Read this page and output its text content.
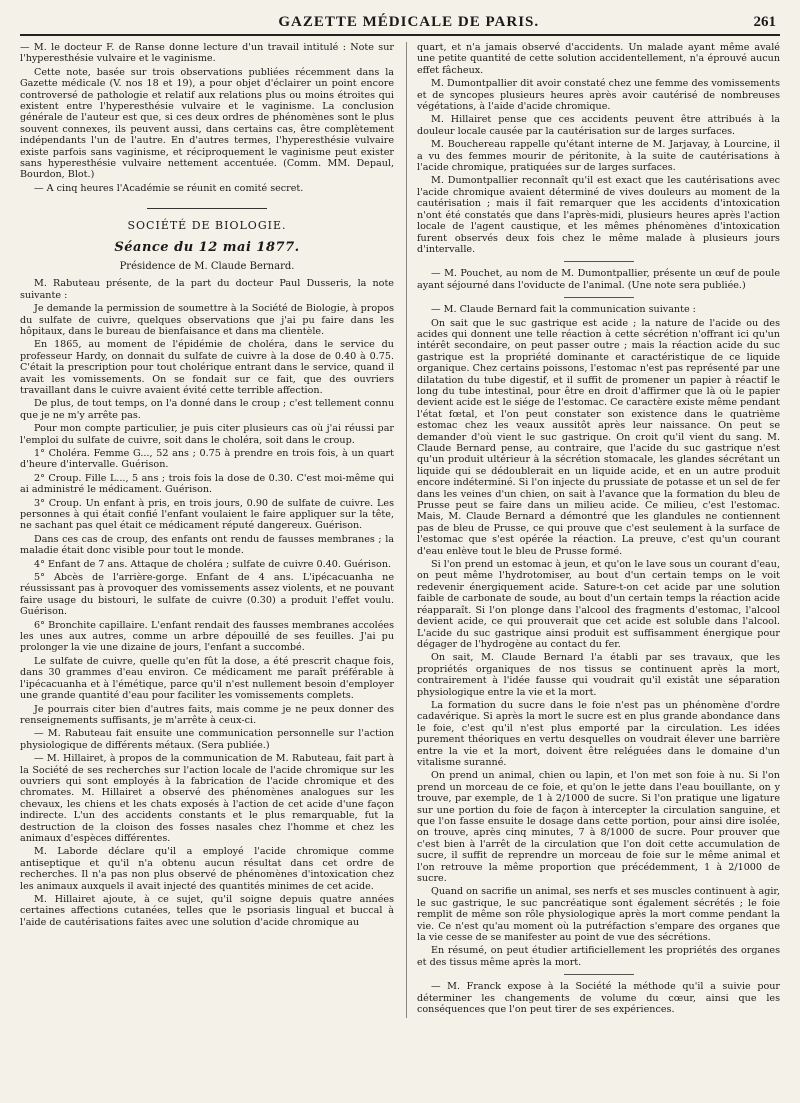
GAZETTE MÉDICALE DE PARIS.	261

— M. le docteur F. de Ranse donne lecture d'un travail intitulé : Note sur l'hyperesthésie vulvaire et le vaginisme.

Cette note, basée sur trois observations publiées récemment dans la Gazette médicale (V. nos 18 et 19), a pour objet d'éclairer un point encore controversé de pathologie et relatif aux relations plus ou moins étroites qui existent entre l'hyperesthésie vulvaire et le vaginisme. La conclusion générale de l'auteur est que, si ces deux ordres de phénomènes sont le plus souvent connexes, ils peuvent aussi, dans certains cas, être complètement indépendants l'un de l'autre. En d'autres termes, l'hyperesthésie vulvaire existe parfois sans vaginisme, et réciproquement le vaginisme peut exister sans hyperesthésie vulvaire nettement accentuée. (Comm. MM. Depaul, Bourdon, Blot.)

— A cinq heures l'Académie se réunit en comité secret.

SOCIÉTÉ DE BIOLOGIE.
Séance du 12 mai 1877.
Présidence de M. Claude Bernard.

M. Rabuteau présente, de la part du docteur Paul Dusseris, la note suivante :

Je demande la permission de soumettre à la Société de Biologie, à propos du sulfate de cuivre, quelques observations que j'ai pu faire dans les hôpitaux, dans le bureau de bienfaisance et dans ma clientèle.

En 1865, au moment de l'épidémie de choléra, dans le service du professeur Hardy, on donnait du sulfate de cuivre à la dose de 0.40 à 0.75. C'était la prescription pour tout cholérique entrant dans le service, quand il avait les vomissements. On se fondait sur ce fait, que des ouvriers travaillant dans le cuivre avaient évité cette terrible affection.

De plus, de tout temps, on l'a donné dans le croup ; c'est tellement connu que je ne m'y arrête pas.

Pour mon compte particulier, je puis citer plusieurs cas où j'ai réussi par l'emploi du sulfate de cuivre, soit dans le choléra, soit dans le croup.

1° Choléra. Femme G..., 52 ans ; 0.75 à prendre en trois fois, à un quart d'heure d'intervalle. Guérison.

2° Croup. Fille L..., 5 ans ; trois fois la dose de 0.30. C'est moi-même qui ai administré le médicament. Guérison.

3° Croup. Un enfant à pris, en trois jours, 0.90 de sulfate de cuivre. Les personnes à qui était confié l'enfant voulaient le faire appliquer sur la tête, ne sachant pas quel était ce médicament réputé dangereux. Guérison.

Dans ces cas de croup, des enfants ont rendu de fausses membranes ; la maladie était donc visible pour tout le monde.

4° Enfant de 7 ans. Attaque de choléra ; sulfate de cuivre 0.40. Guérison.

5° Abcès de l'arrière-gorge. Enfant de 4 ans. L'ipécacuanha ne réussissant pas à provoquer des vomissements assez violents, et ne pouvant faire usage du bistouri, le sulfate de cuivre (0.30) a produit l'effet voulu. Guérison.

6° Bronchite capillaire. L'enfant rendait des fausses membranes accolées les unes aux autres, comme un arbre dépouillé de ses feuilles. J'ai pu prolonger la vie une dizaine de jours, l'enfant a succombé.

Le sulfate de cuivre, quelle qu'en fût la dose, a été prescrit chaque fois, dans 30 grammes d'eau environ. Ce médicament me paraît préférable à l'ipécacuanha et à l'émétique, parce qu'il n'est nullement besoin d'employer une grande quantité d'eau pour faciliter les vomissements complets.

Je pourrais citer bien d'autres faits, mais comme je ne peux donner des renseignements suffisants, je m'arrête à ceux-ci.

— M. Rabuteau fait ensuite une communication personnelle sur l'action physiologique de différents métaux. (Sera publiée.)

— M. Hillairet, à propos de la communication de M. Rabuteau, fait part à la Société de ses recherches sur l'action locale de l'acide chromique sur les ouvriers qui sont employés à la fabrication de l'acide chromique et des chromates. M. Hillairet a observé des phénomènes analogues sur les chevaux, les chiens et les chats exposés à l'action de cet acide d'une façon indirecte. L'un des accidents constants et le plus remarquable, fut la destruction de la cloison des fosses nasales chez l'homme et chez les animaux d'espèces différentes.

M. Laborde déclare qu'il a employé l'acide chromique comme antiseptique et qu'il n'a obtenu aucun résultat dans cet ordre de recherches. Il n'a pas non plus observé de phénomènes d'intoxication chez les animaux auxquels il avait injecté des quantités minimes de cet acide.

M. Hillairet ajoute, à ce sujet, qu'il soigne depuis quatre années certaines affections cutanées, telles que le psoriasis lingual et buccal à l'aide de cautérisations faites avec une solution d'acide chromique au

quart, et n'a jamais observé d'accidents. Un malade ayant même avalé une petite quantité de cette solution accidentellement, n'a éprouvé aucun effet fâcheux.

M. Dumontpallier dit avoir constaté chez une femme des vomissements et de syncopes plusieurs heures après avoir cautérisé de nombreuses végétations, à l'aide d'acide chromique.

M. Hillairet pense que ces accidents peuvent être attribués à la douleur locale causée par la cautérisation sur de larges surfaces.

M. Bouchereau rappelle qu'étant interne de M. Jarjavay, à Lourcine, il a vu des femmes mourir de péritonite, à la suite de cautérisations à l'acide chromique, pratiquées sur de larges surfaces.

M. Dumontpallier reconnaît qu'il est exact que les cautérisations avec l'acide chromique avaient déterminé de vives douleurs au moment de la cautérisation ; mais il fait remarquer que les accidents d'intoxication n'ont été constatés que dans l'après-midi, plusieurs heures après l'action locale de l'agent caustique, et les mêmes phénomènes d'intoxication furent observés deux fois chez le même malade à plusieurs jours d'intervalle.

— M. Pouchet, au nom de M. Dumontpallier, présente un œuf de poule ayant séjourné dans l'oviducte de l'animal. (Une note sera publiée.)

— M. Claude Bernard fait la communication suivante :

On sait que le suc gastrique est acide ; la nature de l'acide ou des acides qui donnent une telle réaction à cette sécrétion n'offrant ici qu'un intérêt secondaire, on peut passer outre ; mais la réaction acide du suc gastrique est la propriété dominante et caractéristique de ce liquide organique. Chez certains poissons, l'estomac n'est pas représenté par une dilatation du tube digestif, et il suffit de promener un papier à réactif le long du tube intestinal, pour être en droit d'affirmer que là où le papier devient acide est le siége de l'estomac. Ce caractère existe même pendant l'état fœtal, et l'on peut constater son existence dans le quatrième estomac chez les veaux aussitôt après leur naissance. On peut se demander d'où vient le suc gastrique. On croit qu'il vient du sang. M. Claude Bernard pense, au contraire, que l'acide du suc gastrique n'est qu'un produit ultérieur à la sécrétion stomacale, les glandes sécrétant un liquide qui se dédoublerait en un liquide acide, et en un autre produit encore indéterminé. Si l'on injecte du prussiate de potasse et un sel de fer dans les veines d'un chien, on sait à l'avance que la formation du bleu de Prusse peut se faire dans un milieu acide. Ce milieu, c'est l'estomac. Mais, M. Claude Bernard a démontré que les glandules ne contiennent pas de bleu de Prusse, ce qui prouve que c'est seulement à la surface de l'estomac que s'est opérée la réaction. La preuve, c'est qu'un courant d'eau enlève tout le bleu de Prusse formé.

Si l'on prend un estomac à jeun, et qu'on le lave sous un courant d'eau, on peut même l'hydrotomiser, au bout d'un certain temps on le voit redevenir énergiquement acide. Sature-t-on cet acide par une solution faible de carbonate de soude, au bout d'un certain temps la réaction acide réapparaît. Si l'on plonge dans l'alcool des fragments d'estomac, l'alcool devient acide, ce qui prouverait que cet acide est soluble dans l'alcool. L'acide du suc gastrique ainsi produit est suffisamment énergique pour dégager de l'hydrogène au contact du fer.

On sait, M. Claude Bernard l'a établi par ses travaux, que les propriétés organiques de nos tissus se continuent après la mort, contrairement à l'idée fausse qui voudrait qu'il existât une séparation physiologique entre la vie et la mort.

La formation du sucre dans le foie n'est pas un phénomène d'ordre cadavérique. Si après la mort le sucre est en plus grande abondance dans le foie, c'est qu'il n'est plus emporté par la circulation. Les idées purement théoriques en vertu desquelles on voudrait élever une barrière entre la vie et la mort, doivent être reléguées dans le domaine d'un vitalisme suranné.

On prend un animal, chien ou lapin, et l'on met son foie à nu. Si l'on prend un morceau de ce foie, et qu'on le jette dans l'eau bouillante, on y trouve, par exemple, de 1 à 2/1000 de sucre. Si l'on pratique une ligature sur une portion du foie de façon à intercepter la circulation sanguine, et que l'on fasse ensuite le dosage dans cette portion, pour ainsi dire isolée, on trouve, après cinq minutes, 7 à 8/1000 de sucre. Pour prouver que c'est bien à l'arrêt de la circulation que l'on doit cette accumulation de sucre, il suffit de reprendre un morceau de foie sur le même animal et l'on retrouve la même proportion que précédemment, 1 à 2/1000 de sucre.

Quand on sacrifie un animal, ses nerfs et ses muscles continuent à agir, le suc gastrique, le suc pancréatique sont également sécrétés ; le foie remplit de même son rôle physiologique après la mort comme pendant la vie. Ce n'est qu'au moment où la putréfaction s'empare des organes que la vie cesse de se manifester au point de vue des sécrétions.

En résumé, on peut étudier artificiellement les propriétés des organes et des tissus même après la mort.

— M. Franck expose à la Société la méthode qu'il a suivie pour déterminer les changements de volume du cœur, ainsi que les conséquences que l'on peut tirer de ses expériences.
